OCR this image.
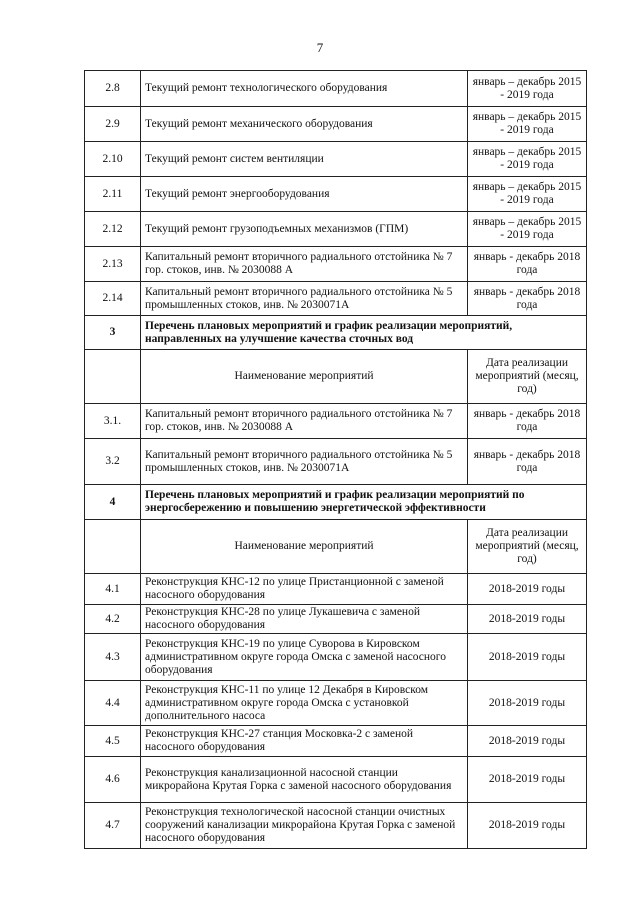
7
2.8	Текущий ремонт технологического оборудования	январь – декабрь 2015 - 2019 года
2.9	Текущий ремонт механического оборудования	январь – декабрь 2015 - 2019 года
2.10	Текущий ремонт систем вентиляции	январь – декабрь 2015 - 2019 года
2.11	Текущий ремонт энергооборудования	январь – декабрь 2015 - 2019 года
2.12	Текущий ремонт грузоподъемных механизмов (ГПМ)	январь – декабрь 2015 - 2019 года
2.13	Капитальный ремонт вторичного радиального отстойника № 7 гор. стоков, инв. № 2030088 А	январь - декабрь 2018 года
2.14	Капитальный ремонт вторичного радиального отстойника № 5 промышленных стоков, инв. № 2030071А	январь - декабрь 2018 года
3	Перечень плановых мероприятий и график реализации мероприятий, направленных на улучшение качества сточных вод	
	Наименование мероприятий	Дата реализации мероприятий (месяц, год)
3.1.	Капитальный ремонт вторичного радиального отстойника № 7 гор. стоков, инв. № 2030088 А	январь - декабрь 2018 года
3.2	Капитальный ремонт вторичного радиального отстойника № 5 промышленных стоков, инв. № 2030071А	январь - декабрь 2018 года
4	Перечень плановых мероприятий и график реализации мероприятий по энергосбережению и повышению энергетической эффективности	
	Наименование мероприятий	Дата реализации мероприятий (месяц, год)
4.1	Реконструкция КНС-12 по улице Пристанционной с заменой насосного оборудования	2018-2019 годы
4.2	Реконструкция КНС-28 по улице Лукашевича с заменой насосного оборудования	2018-2019 годы
4.3	Реконструкция КНС-19 по улице Суворова в Кировском административном округе города Омска с заменой насосного оборудования	2018-2019 годы
4.4	Реконструкция КНС-11 по улице 12 Декабря в Кировском административном округе города Омска с установкой дополнительного насоса	2018-2019 годы
4.5	Реконструкция КНС-27 станция Московка-2 с заменой насосного оборудования	2018-2019 годы
4.6	Реконструкция канализационной насосной станции микрорайона Крутая Горка с заменой насосного оборудования	2018-2019 годы
4.7	Реконструкция технологической насосной станции очистных сооружений канализации микрорайона Крутая Горка с заменой насосного оборудования	2018-2019 годы
